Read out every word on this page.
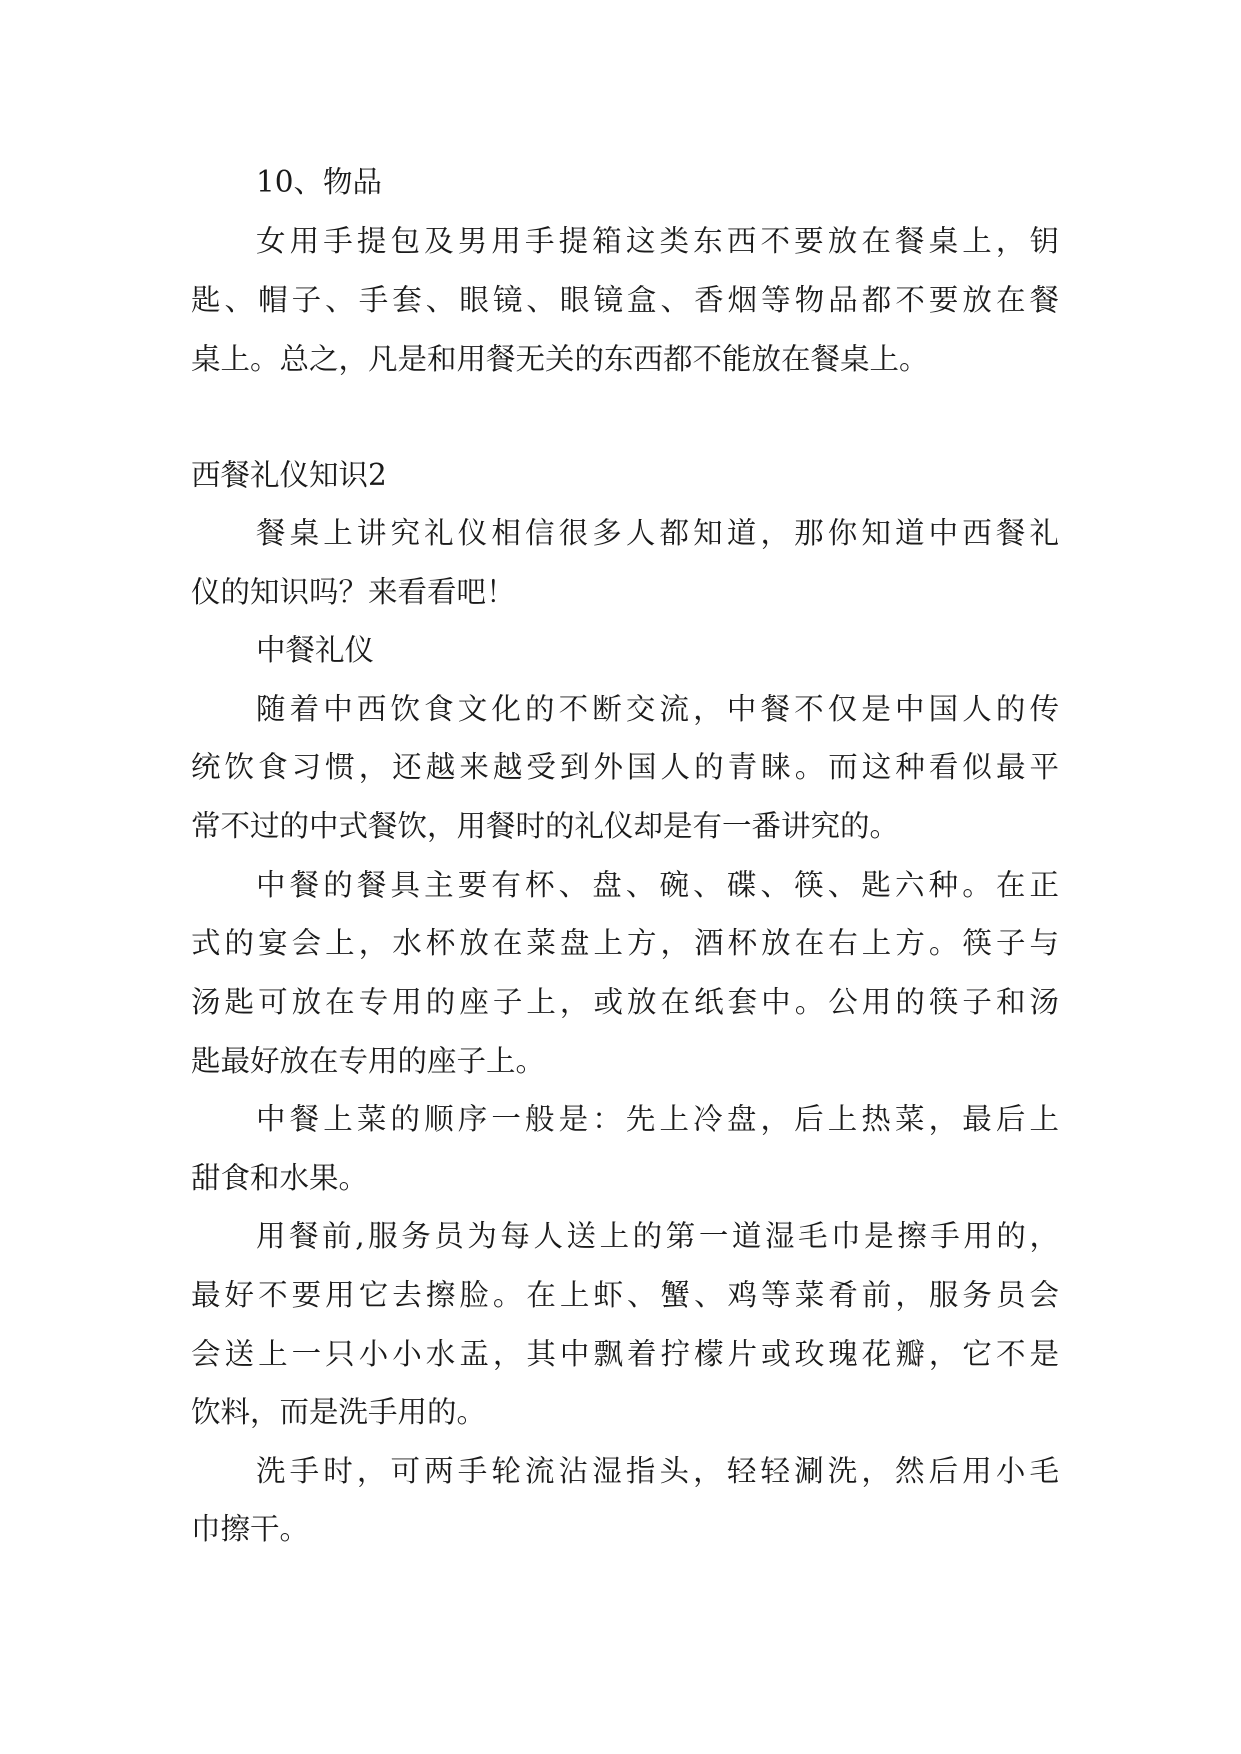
10、物品
女用手提包及男用手提箱这类东西不要放在餐桌上，钥
匙、帽子、手套、眼镜、眼镜盒、香烟等物品都不要放在餐
桌上。总之，凡是和用餐无关的东西都不能放在餐桌上。
西餐礼仪知识2
餐桌上讲究礼仪相信很多人都知道，那你知道中西餐礼
仪的知识吗？来看看吧！
中餐礼仪
随着中西饮食文化的不断交流，中餐不仅是中国人的传
统饮食习惯，还越来越受到外国人的青睐。而这种看似最平
常不过的中式餐饮，用餐时的礼仪却是有一番讲究的。
中餐的餐具主要有杯、盘、碗、碟、筷、匙六种。在正
式的宴会上，水杯放在菜盘上方，酒杯放在右上方。筷子与
汤匙可放在专用的座子上，或放在纸套中。公用的筷子和汤
匙最好放在专用的座子上。
中餐上菜的顺序一般是：先上冷盘，后上热菜，最后上
甜食和水果。
用餐前,服务员为每人送上的第一道湿毛巾是擦手用的，
最好不要用它去擦脸。在上虾、蟹、鸡等菜肴前，服务员会
会送上一只小小水盂，其中飘着拧檬片或玫瑰花瓣，它不是
饮料，而是洗手用的。
洗手时，可两手轮流沾湿指头，轻轻涮洗，然后用小毛
巾擦干。
